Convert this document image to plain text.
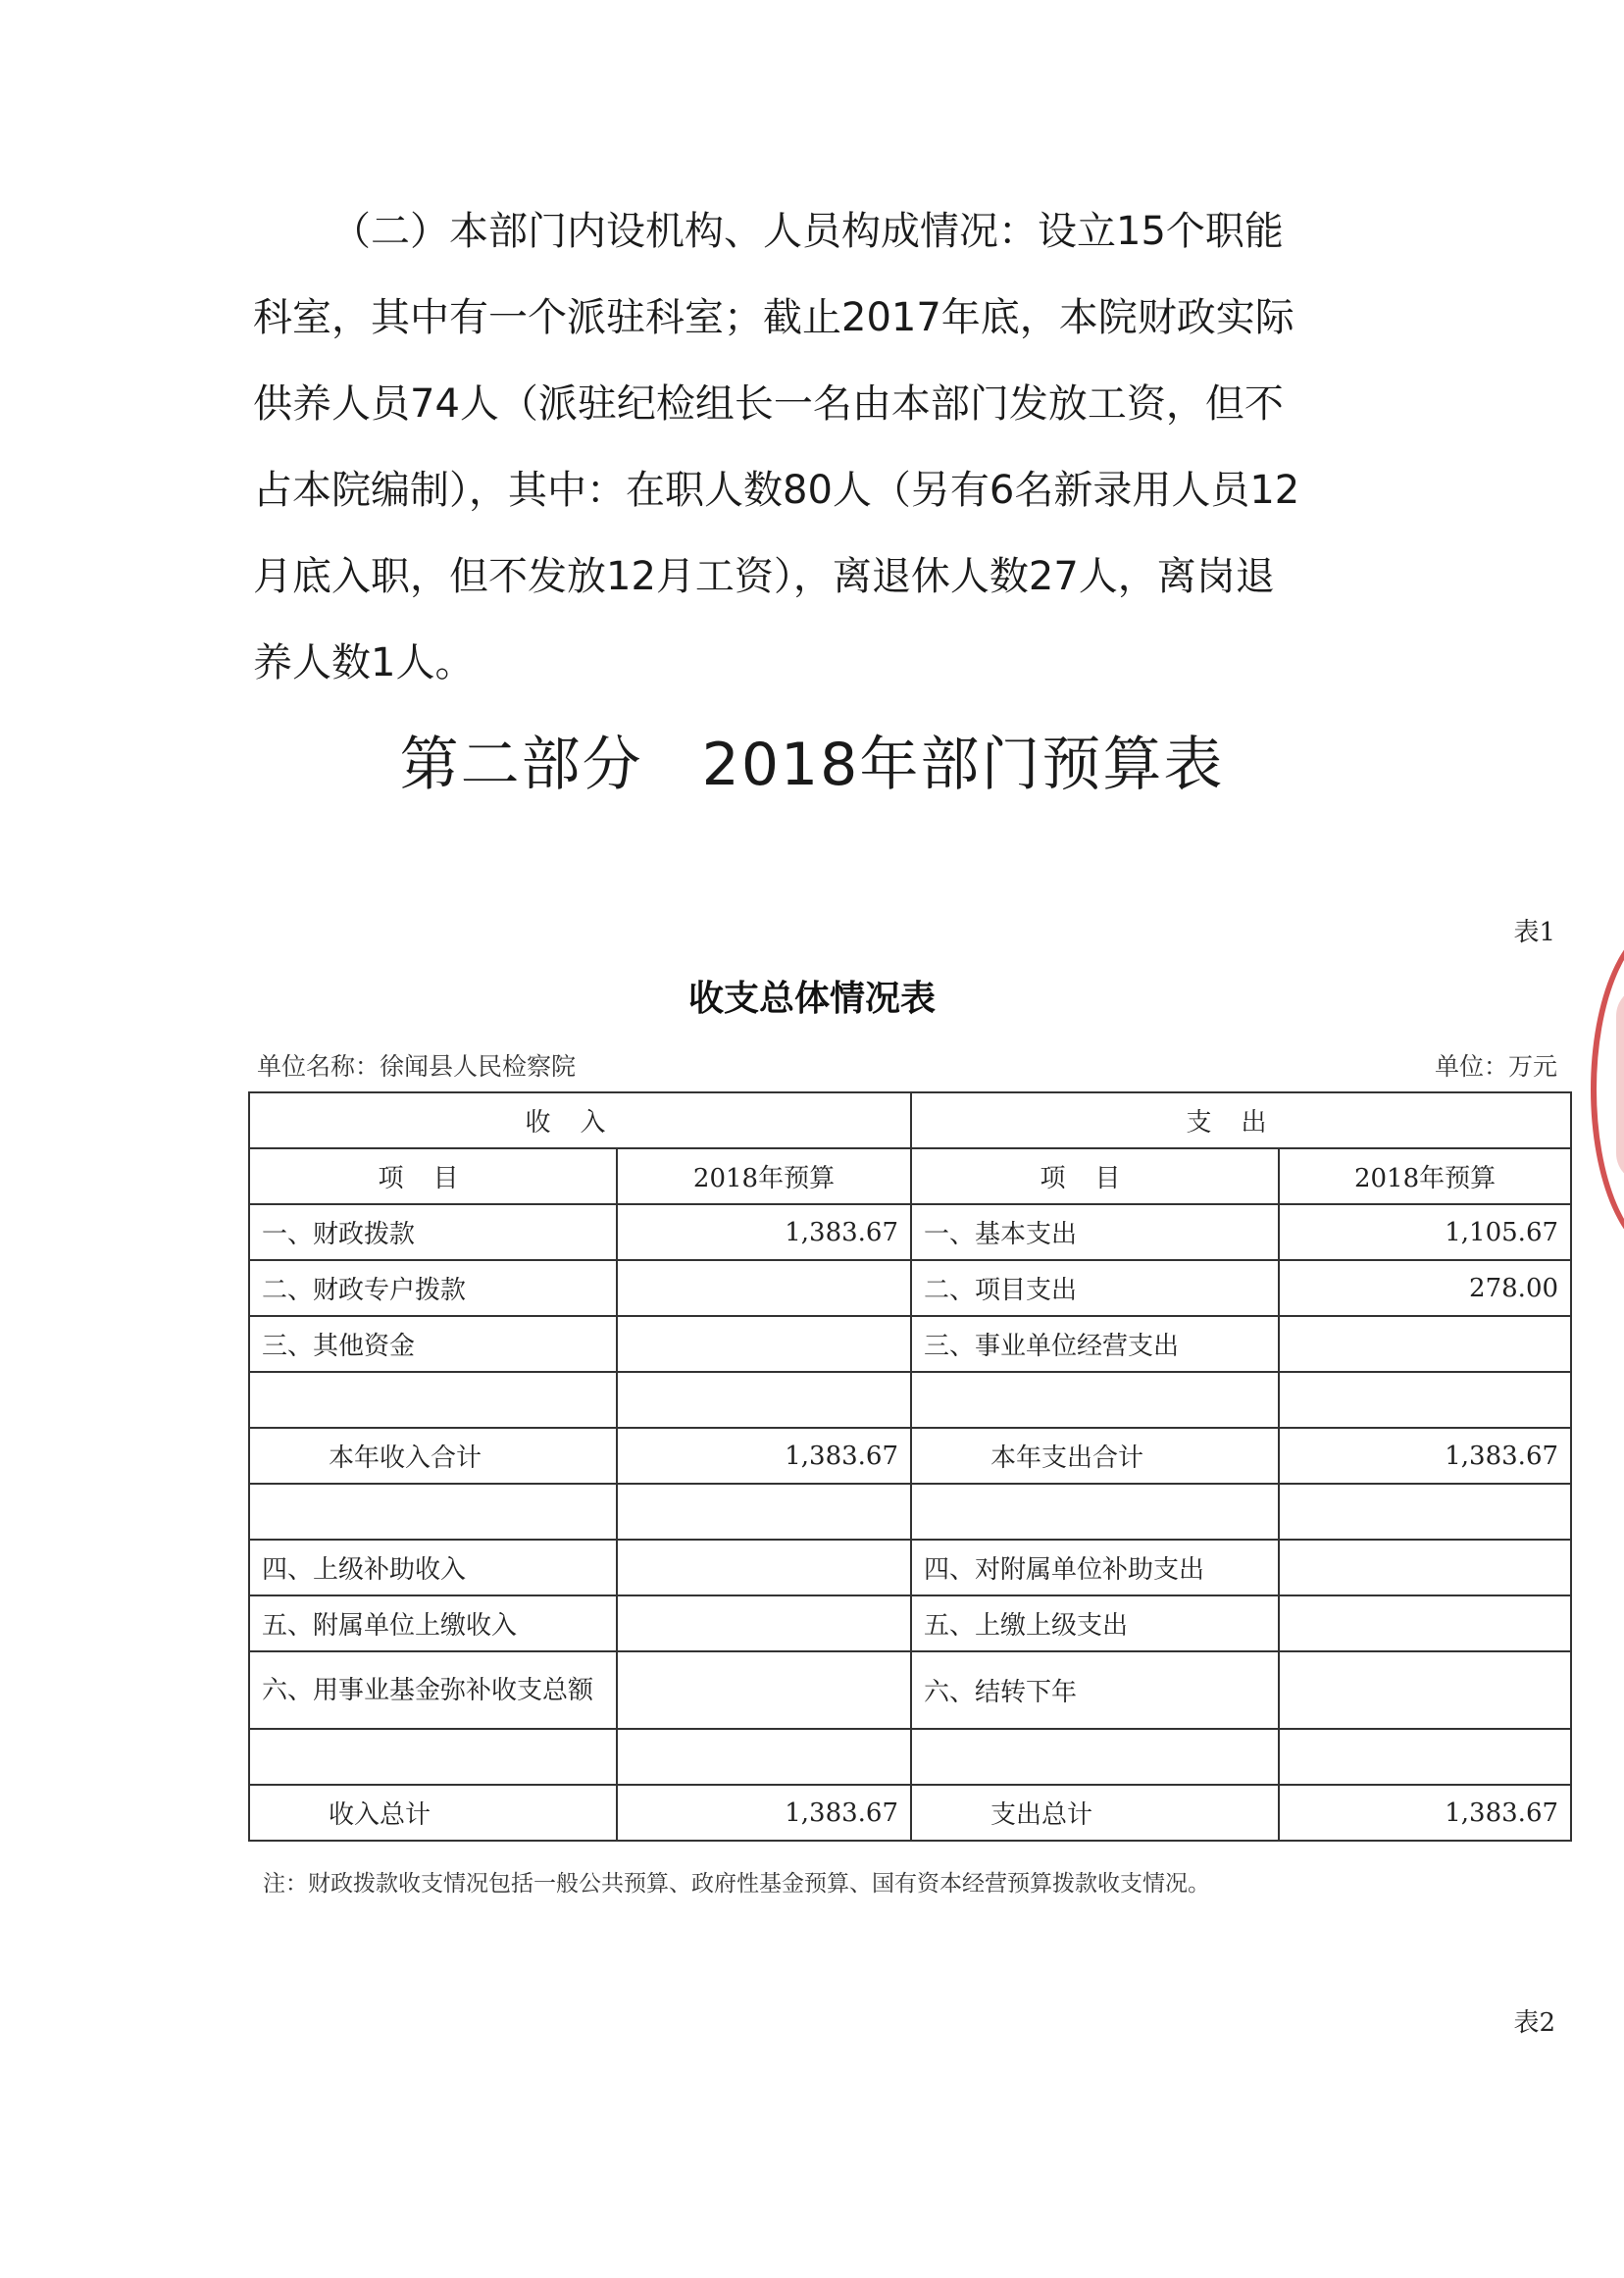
（二）本部门内设机构、人员构成情况：设立15个职能
科室，其中有一个派驻科室；截止2017年底，本院财政实际
供养人员74人（派驻纪检组长一名由本部门发放工资，但不
占本院编制），其中：在职人数80人（另有6名新录用人员12
月底入职，但不发放12月工资），离退休人数27人，离岗退
养人数1人。
第二部分 2018年部门预算表
表1
收支总体情况表
单位名称：徐闻县人民检察院	单位：万元
收入		支出	
项目	2018年预算	项目	2018年预算
一、财政拨款	1,383.67	一、基本支出	1,105.67
二、财政专户拨款		二、项目支出	278.00
三、其他资金		三、事业单位经营支出	

本年收入合计	1,383.67	本年支出合计	1,383.67

四、上级补助收入		四、对附属单位补助支出	
五、附属单位上缴收入		五、上缴上级支出	
六、用事业基金弥补收支总额		六、结转下年	

收入总计	1,383.67	支出总计	1,383.67
注：财政拨款收支情况包括一般公共预算、政府性基金预算、国有资本经营预算拨款收支情况。
表2
